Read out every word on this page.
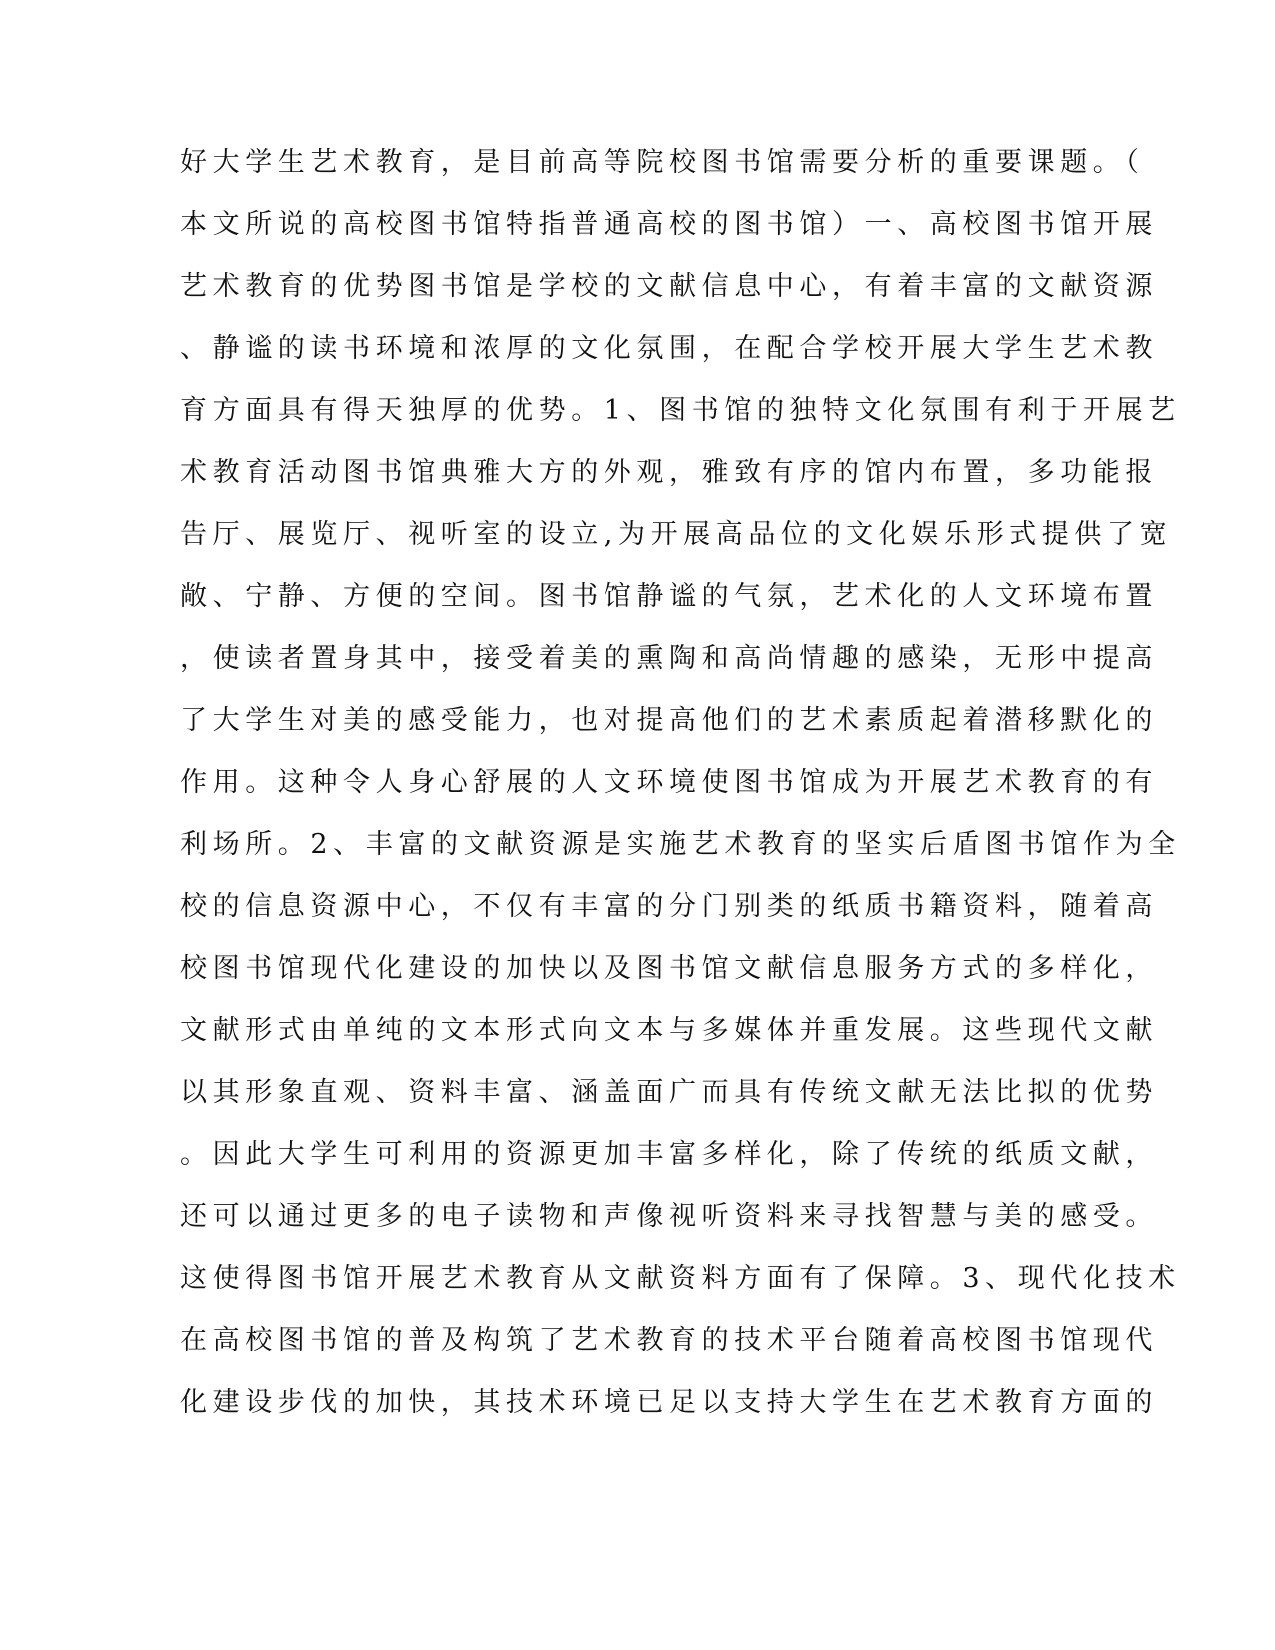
好大学生艺术教育，是目前高等院校图书馆需要分析的重要课题。（
本文所说的高校图书馆特指普通高校的图书馆）一、高校图书馆开展
艺术教育的优势图书馆是学校的文献信息中心，有着丰富的文献资源
、静谧的读书环境和浓厚的文化氛围，在配合学校开展大学生艺术教
育方面具有得天独厚的优势。1、图书馆的独特文化氛围有利于开展艺
术教育活动图书馆典雅大方的外观，雅致有序的馆内布置，多功能报
告厅、展览厅、视听室的设立,为开展高品位的文化娱乐形式提供了宽
敞、宁静、方便的空间。图书馆静谧的气氛，艺术化的人文环境布置
，使读者置身其中，接受着美的熏陶和高尚情趣的感染，无形中提高
了大学生对美的感受能力，也对提高他们的艺术素质起着潜移默化的
作用。这种令人身心舒展的人文环境使图书馆成为开展艺术教育的有
利场所。2、丰富的文献资源是实施艺术教育的坚实后盾图书馆作为全
校的信息资源中心，不仅有丰富的分门别类的纸质书籍资料，随着高
校图书馆现代化建设的加快以及图书馆文献信息服务方式的多样化，
文献形式由单纯的文本形式向文本与多媒体并重发展。这些现代文献
以其形象直观、资料丰富、涵盖面广而具有传统文献无法比拟的优势
。因此大学生可利用的资源更加丰富多样化，除了传统的纸质文献，
还可以通过更多的电子读物和声像视听资料来寻找智慧与美的感受。
这使得图书馆开展艺术教育从文献资料方面有了保障。3、现代化技术
在高校图书馆的普及构筑了艺术教育的技术平台随着高校图书馆现代
化建设步伐的加快，其技术环境已足以支持大学生在艺术教育方面的
